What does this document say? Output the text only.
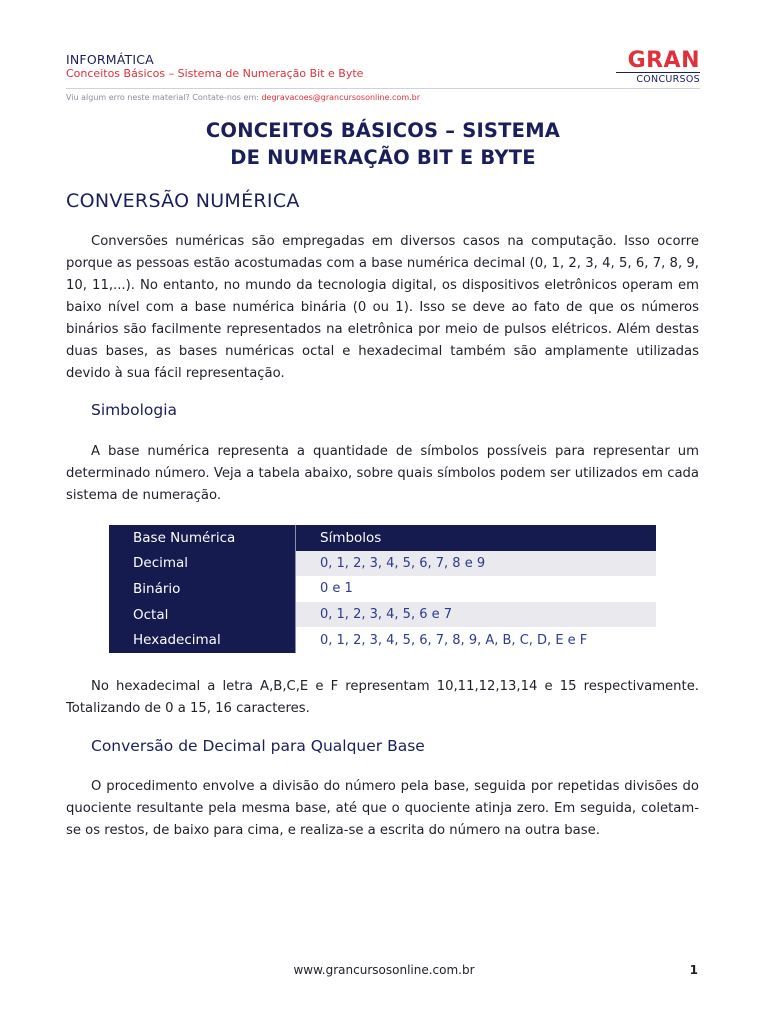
INFORMÁTICA
Conceitos Básicos – Sistema de Numeração Bit e Byte
GRAN
CONCURSOS
Viu algum erro neste material? Contate-nos em: degravacoes@grancursosonline.com.br
CONCEITOS BÁSICOS – SISTEMA
DE NUMERAÇÃO BIT E BYTE
CONVERSÃO NUMÉRICA

Conversões numéricas são empregadas em diversos casos na computação. Isso ocorre porque as pessoas estão acostumadas com a base numérica decimal (0, 1, 2, 3, 4, 5, 6, 7, 8, 9, 10, 11,...). No entanto, no mundo da tecnologia digital, os dispositivos eletrônicos operam em baixo nível com a base numérica binária (0 ou 1). Isso se deve ao fato de que os números binários são facilmente representados na eletrônica por meio de pulsos elétricos. Além destas duas bases, as bases numéricas octal e hexadecimal também são amplamente utilizadas devido à sua fácil representação.

Simbologia

A base numérica representa a quantidade de símbolos possíveis para representar um determinado número. Veja a tabela abaixo, sobre quais símbolos podem ser utilizados em cada sistema de numeração.

Base Numérica	Símbolos
Decimal	0, 1, 2, 3, 4, 5, 6, 7, 8 e 9
Binário	0 e 1
Octal	0, 1, 2, 3, 4, 5, 6 e 7
Hexadecimal	0, 1, 2, 3, 4, 5, 6, 7, 8, 9, A, B, C, D, E e F

No hexadecimal a letra A,B,C,E e F representam 10,11,12,13,14 e 15 respectivamente. Totalizando de 0 a 15, 16 caracteres.

Conversão de Decimal para Qualquer Base

O procedimento envolve a divisão do número pela base, seguida por repetidas divisões do quociente resultante pela mesma base, até que o quociente atinja zero. Em seguida, coletam-se os restos, de baixo para cima, e realiza-se a escrita do número na outra base.

www.grancursosonline.com.br	1
